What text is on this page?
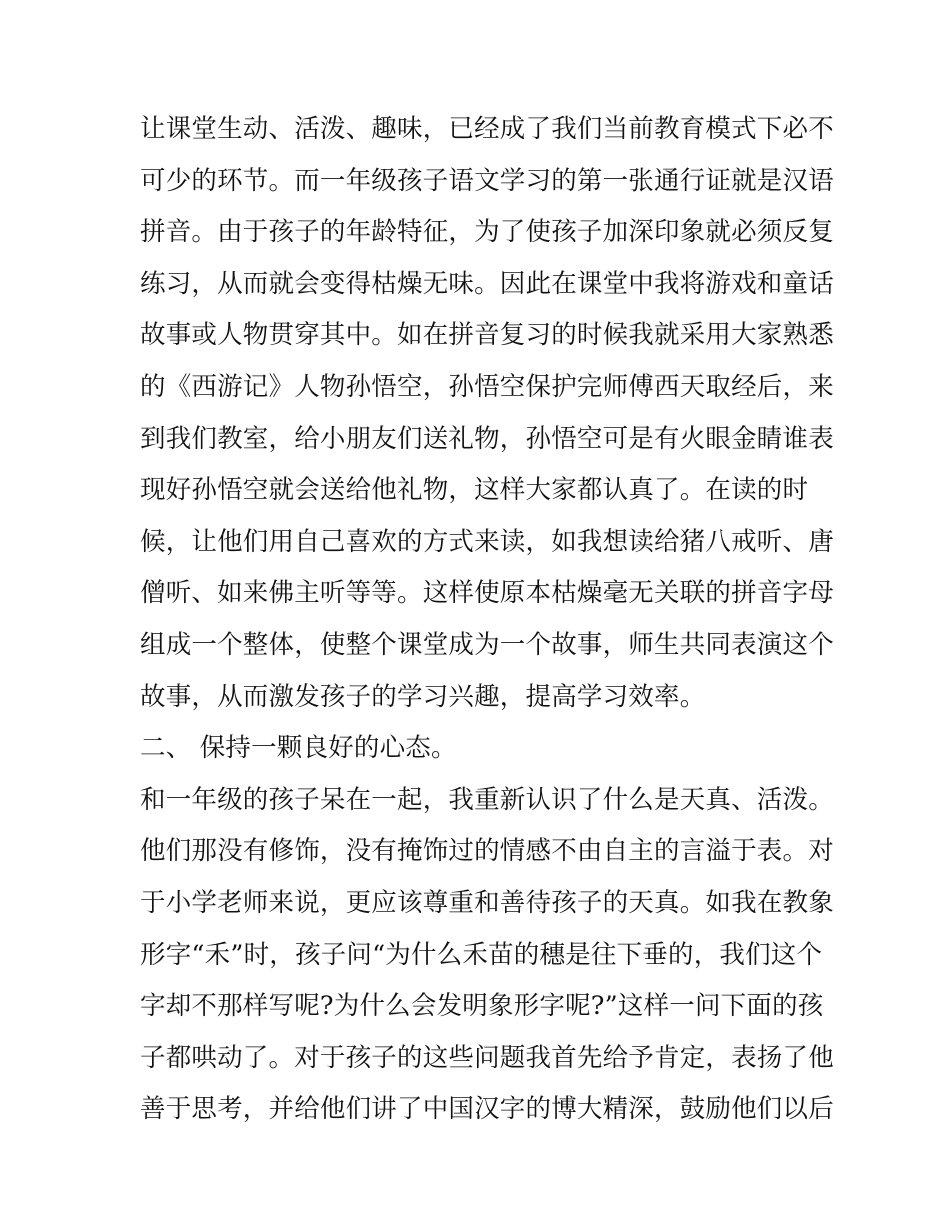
让课堂生动、活泼、趣味，已经成了我们当前教育模式下必不
可少的环节。而一年级孩子语文学习的第一张通行证就是汉语
拼音。由于孩子的年龄特征，为了使孩子加深印象就必须反复
练习，从而就会变得枯燥无味。因此在课堂中我将游戏和童话
故事或人物贯穿其中。如在拼音复习的时候我就采用大家熟悉
的《西游记》人物孙悟空，孙悟空保护完师傅西天取经后，来
到我们教室，给小朋友们送礼物，孙悟空可是有火眼金睛谁表
现好孙悟空就会送给他礼物，这样大家都认真了。在读的时
候，让他们用自己喜欢的方式来读，如我想读给猪八戒听、唐
僧听、如来佛主听等等。这样使原本枯燥毫无关联的拼音字母
组成一个整体，使整个课堂成为一个故事，师生共同表演这个
故事，从而激发孩子的学习兴趣，提高学习效率。
二、 保持一颗良好的心态。
和一年级的孩子呆在一起，我重新认识了什么是天真、活泼。
他们那没有修饰，没有掩饰过的情感不由自主的言溢于表。对
于小学老师来说，更应该尊重和善待孩子的天真。如我在教象
形字“禾”时，孩子问“为什么禾苗的穗是往下垂的，我们这个
字却不那样写呢?为什么会发明象形字呢?”这样一问下面的孩
子都哄动了。对于孩子的这些问题我首先给予肯定，表扬了他
善于思考，并给他们讲了中国汉字的博大精深，鼓励他们以后
